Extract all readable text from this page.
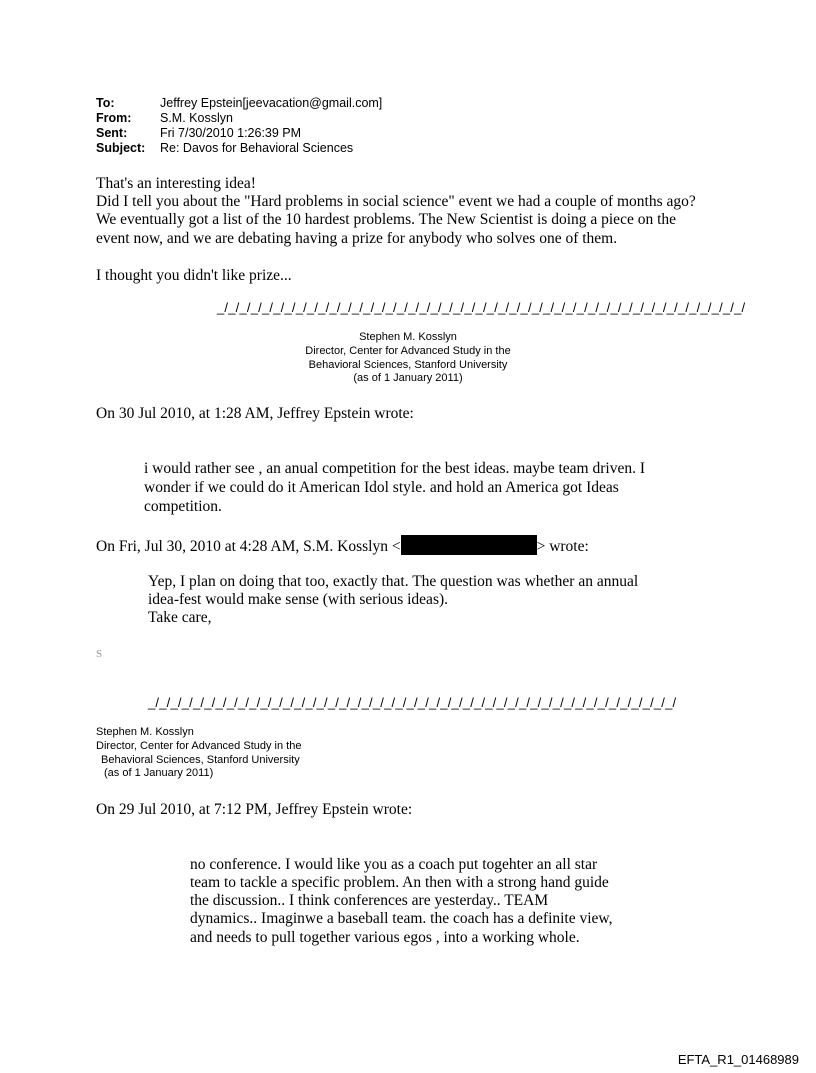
To:	Jeffrey Epstein[jeevacation@gmail.com]
From: S.M. Kosslyn
Sent:	Fri 7/30/2010 1:26:39 PM
Subject: Re: Davos for Behavioral Sciences

That's an interesting idea!

Did I tell you about the "Hard problems in social science" event we had a couple of months ago?

We eventually got a list of the 10 hardest problems. The New Scientist is doing a piece on the

event now, and we are debating having a prize for anybody who solves one of them.

I thought you didn't like prize...

_/_/_/_/_/_/_/_/_/_/_/_/_/_/_/_/_/_/_/_/_/_/_/_/_/_/_/_/_/_/_/_/_/_/_/_/_/_/_/_/_/_/_/_/_/_/_/

Stephen M. Kosslyn

Director, Center for Advanced Study in the

Behavioral Sciences, Stanford University

(as of 1 January 2011)

On 30 Jul 2010, at 1:28 AM, Jeffrey Epstein wrote:

i would rather see , an anual competition for the best ideas. maybe team driven. I

wonder if we could do it American Idol style. and hold an America got Ideas

competition.

On Fri, Jul 30, 2010 at 4:28 AM, S.M. Kosslyn <	> wrote:

Yep, I plan on doing that too, exactly that. The question was whether an annual

idea-fest would make sense (with serious ideas).

Take care,

S

_/_/_/_/_/_/_/_/_/_/_/_/_/_/_/_/_/_/_/_/_/_/_/_/_/_/_/_/_/_/_/_/_/_/_/_/_/_/_/_/_/_/_/_/_/_/_/

Stephen M. Kosslyn

Director, Center for Advanced Study in the

Behavioral Sciences, Stanford University

(as of 1 January 2011)

On 29 Jul 2010, at 7:12 PM, Jeffrey Epstein wrote:

no conference. I would like you as a coach put togehter an all star

team to tackle a specific problem. An then with a strong hand guide

the discussion.. I think conferences are yesterday.. TEAM

dynamics.. Imaginwe a baseball team. the coach has a definite view,

and needs to pull together various egos , into a working whole.

EFTA_R1_01468989
